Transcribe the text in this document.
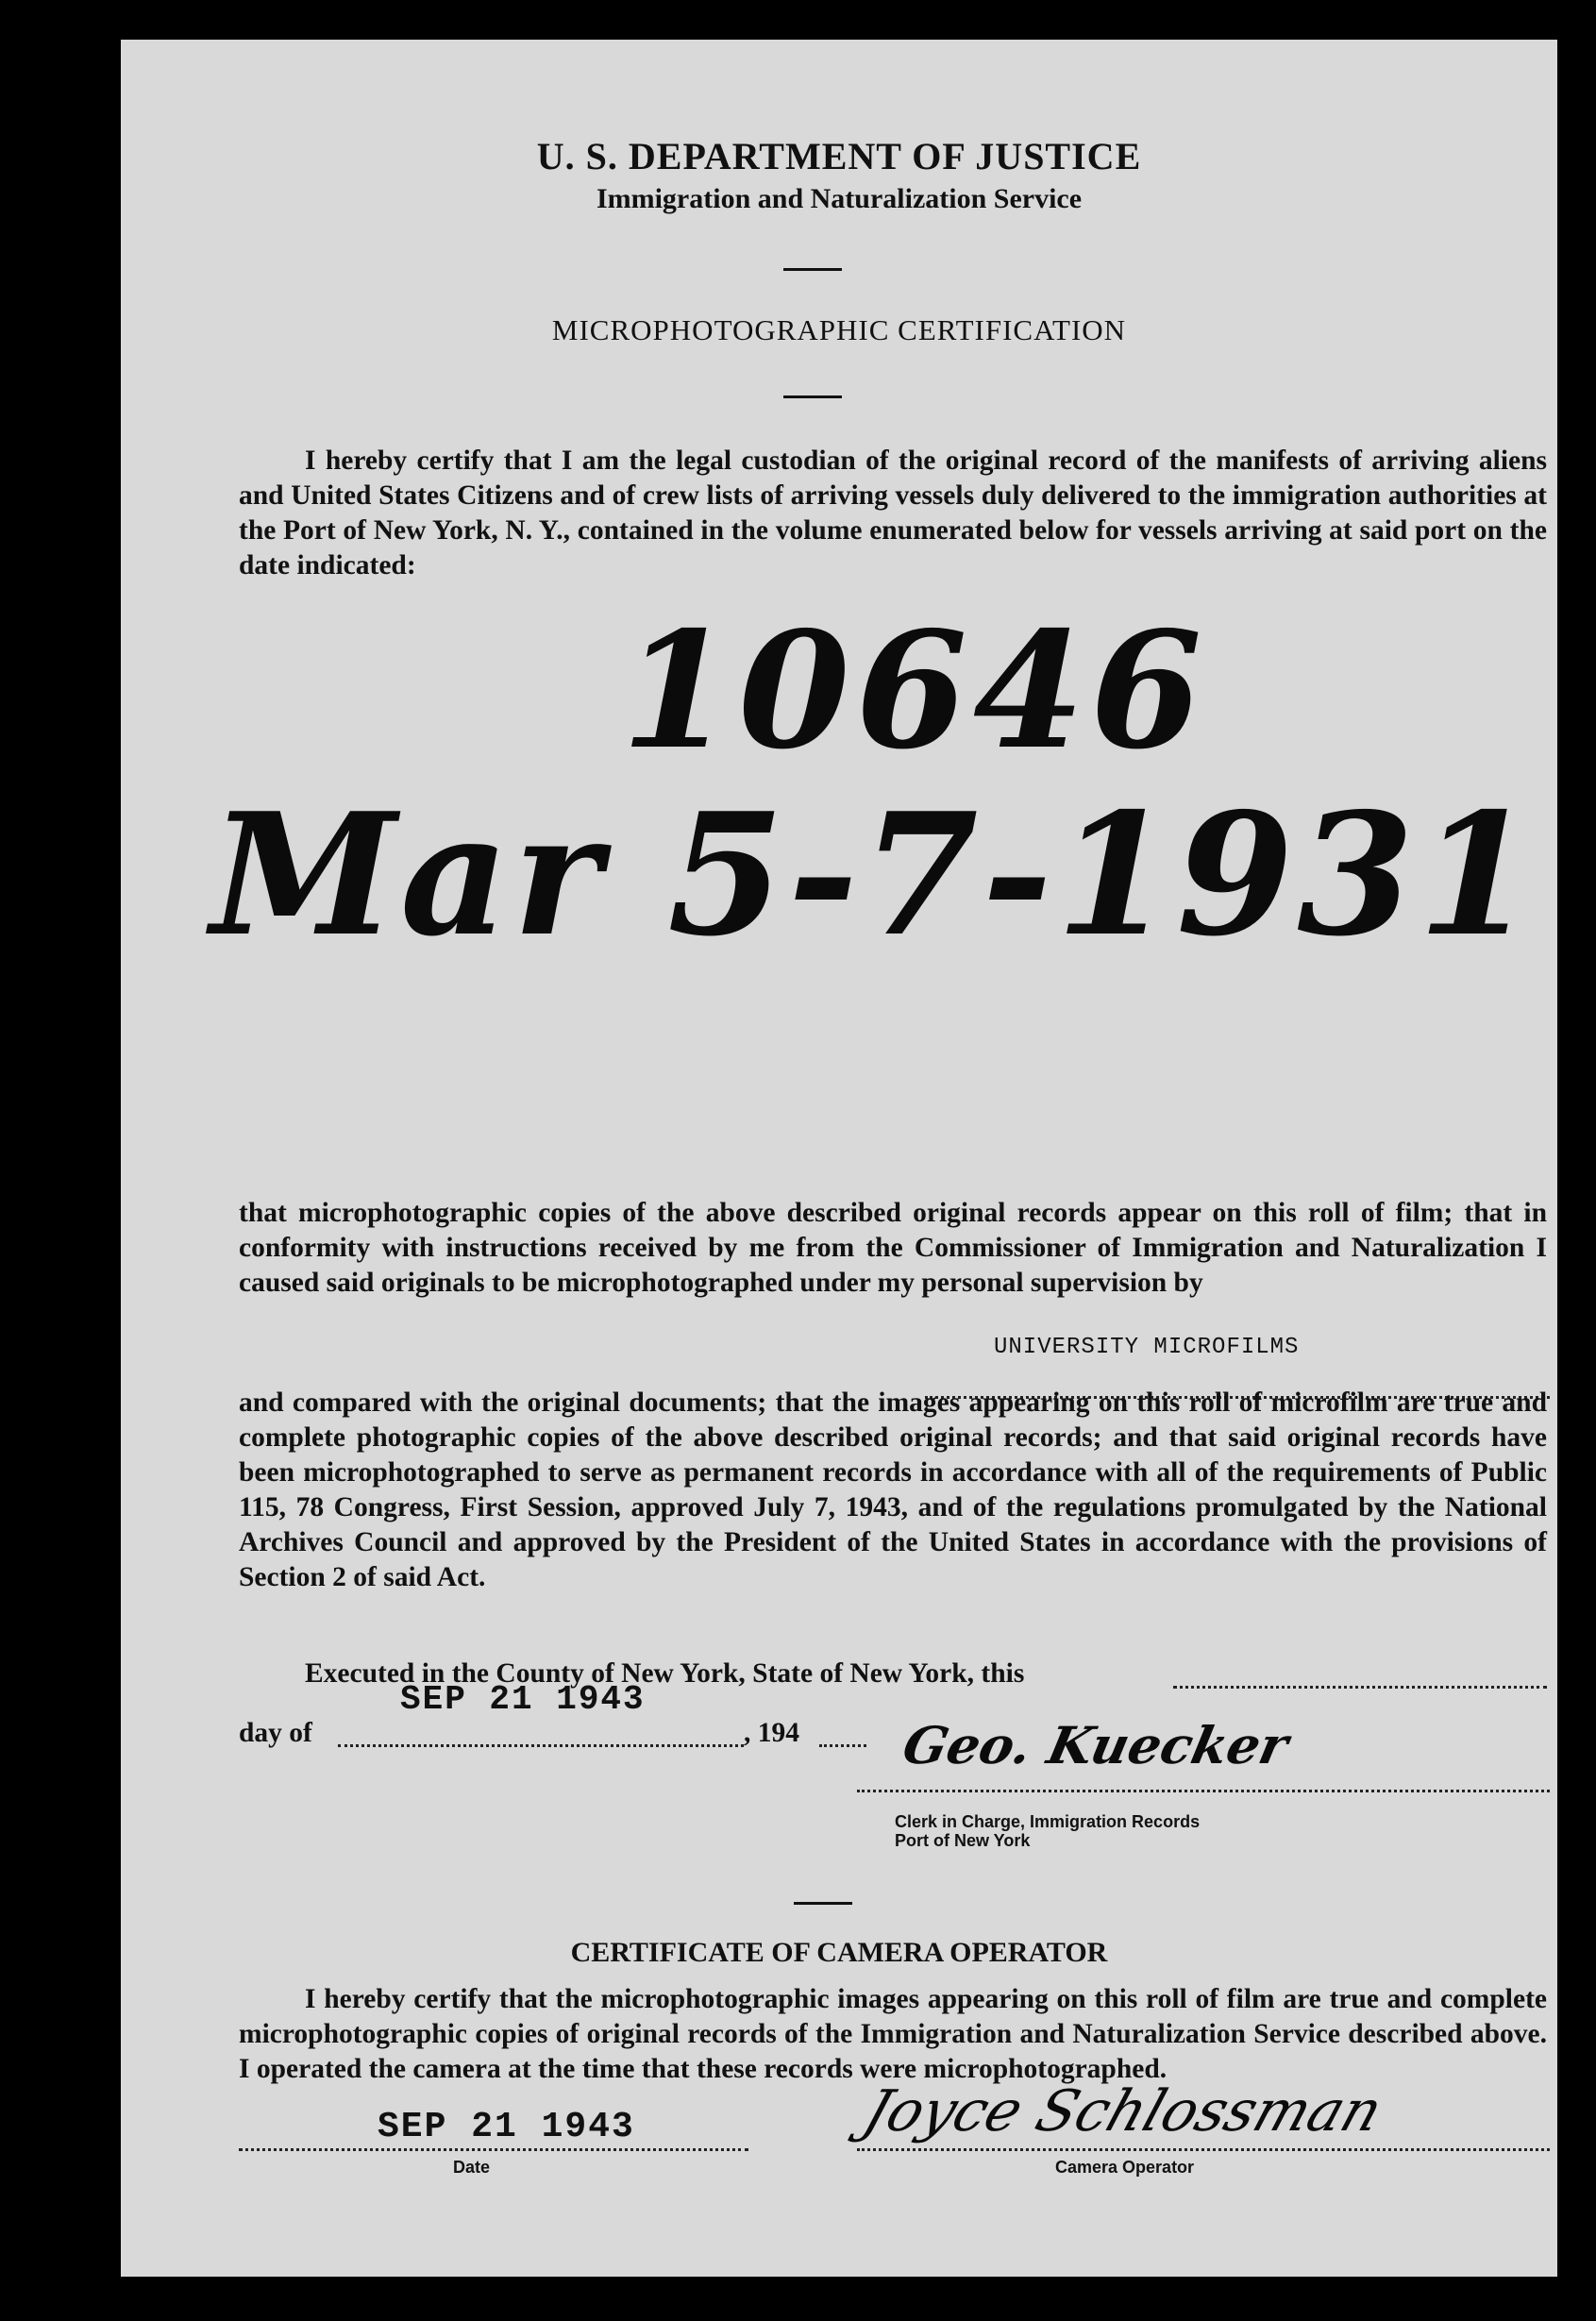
U. S. DEPARTMENT OF JUSTICE
Immigration and Naturalization Service
MICROPHOTOGRAPHIC CERTIFICATION

I hereby certify that I am the legal custodian of the original record of the manifests of arriving aliens and United States Citizens and of crew lists of arriving vessels duly delivered to the immigration authorities at the Port of New York, N. Y., contained in the volume enumerated below for vessels arriving at said port on the date indicated:

10646
Mar 5-7-1931
that microphotographic copies of the above described original records appear on this roll of film; that in conformity with instructions received by me from the Commissioner of Immigration and Naturalization I caused said originals to be microphotographed under my personal supervision by
UNIVERSITY MICROFILMS

and compared with the original documents; that the images appearing on this roll of microfilm are true and complete photographic copies of the above described original records; and that said original records have been microphotographed to serve as permanent records in accordance with all of the requirements of Public 115, 78 Congress, First Session, approved July 7, 1943, and of the regulations promulgated by the National Archives Council and approved by the President of the United States in accordance with the provisions of Section 2 of said Act.

Executed in the County of New York, State of New York, this
SEP 21 1943
day of	, 194 Geo. Kuecker
Clerk in Charge, Immigration Records
Port of New York
CERTIFICATE OF CAMERA OPERATOR

I hereby certify that the microphotographic images appearing on this roll of film are true and complete microphotographic copies of original records of the Immigration and Naturalization Service described above. I operated the camera at the time that these records were microphotographed.

SEP 21 1943
Date
Joyce Schlossman
Camera Operator
